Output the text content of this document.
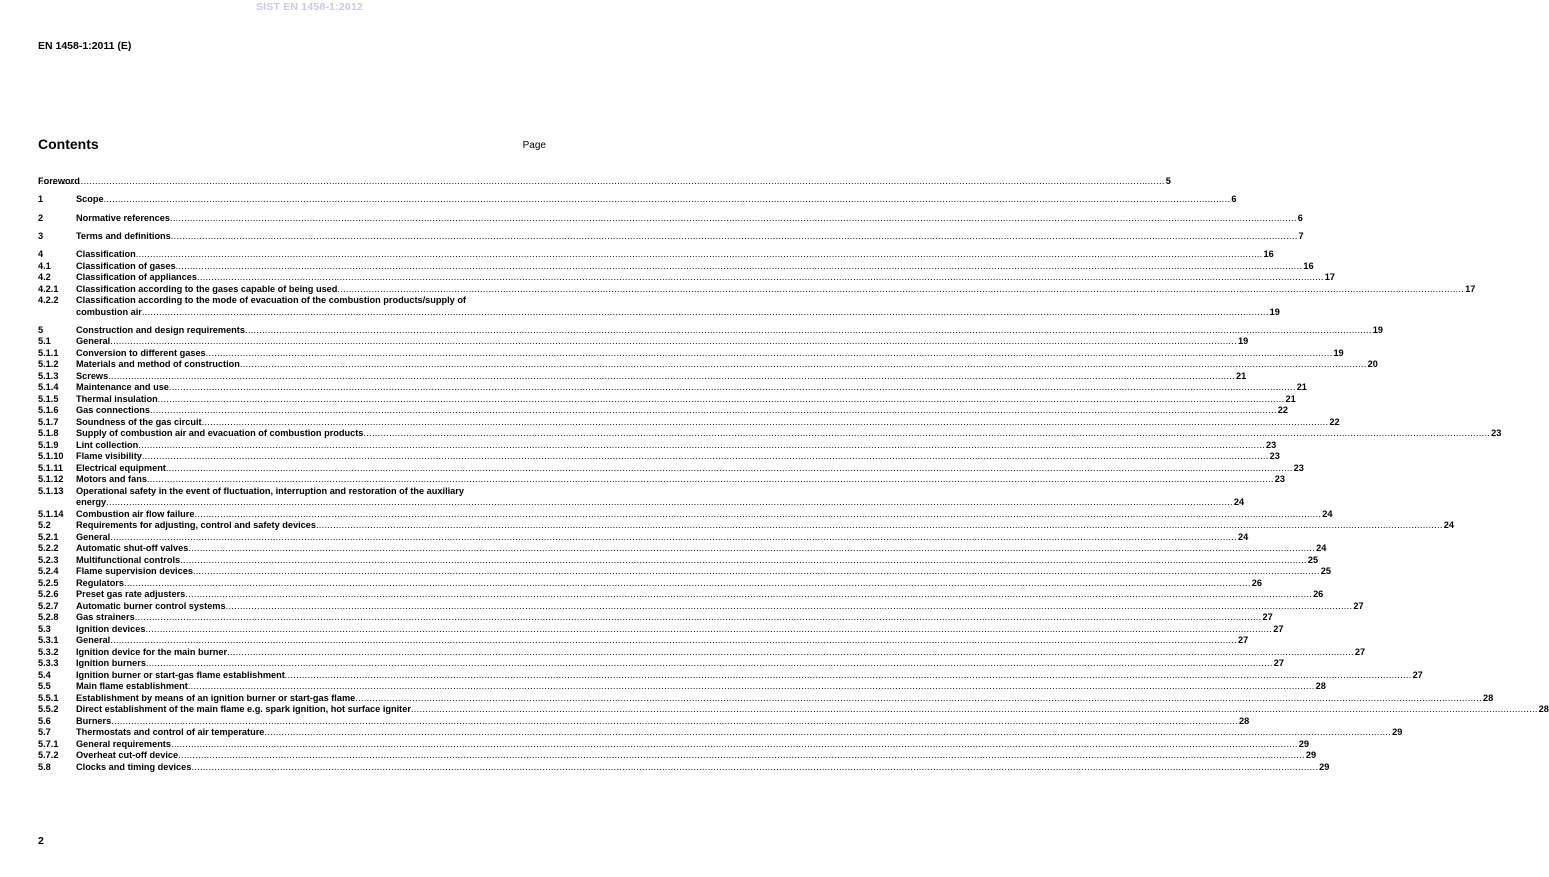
SIST EN 1458-1:2012
EN 1458-1:2011 (E)
Contents	Page
Foreword .....	5
1	Scope .....	6
2	Normative references .....	6
3	Terms and definitions .....	7
4	Classification .....	16
4.1	Classification of gases .....	16
4.2	Classification of appliances .....	17
4.2.1	Classification according to the gases capable of being used .....	17
4.2.2	Classification according to the mode of evacuation of the combustion products/supply of
combustion air .....	19
5	Construction and design requirements .....	19
5.1	General .....	19
5.1.1	Conversion to different gases .....	19
5.1.2	Materials and method of construction .....	20
5.1.3	Screws .....	21
5.1.4	Maintenance and use .....	21
5.1.5	Thermal insulation .....	21
5.1.6	Gas connections .....	22
5.1.7	Soundness of the gas circuit .....	22
5.1.8	Supply of combustion air and evacuation of combustion products .....	23
5.1.9	Lint collection .....	23
5.1.10	Flame visibility .....	23
5.1.11	Electrical equipment .....	23
5.1.12	Motors and fans .....	23
5.1.13	Operational safety in the event of fluctuation, interruption and restoration of the auxiliary
energy .....	24
5.1.14	Combustion air flow failure .....	24
5.2	Requirements for adjusting, control and safety devices .....	24
5.2.1	General .....	24
5.2.2	Automatic shut-off valves .....	24
5.2.3	Multifunctional controls .....	25
5.2.4	Flame supervision devices .....	25
5.2.5	Regulators .....	26
5.2.6	Preset gas rate adjusters .....	26
5.2.7	Automatic burner control systems .....	27
5.2.8	Gas strainers .....	27
5.3	Ignition devices .....	27
5.3.1	General .....	27
5.3.2	Ignition device for the main burner .....	27
5.3.3	Ignition burners .....	27
5.4	Ignition burner or start-gas flame establishment .....	27
5.5	Main flame establishment .....	28
5.5.1	Establishment by means of an ignition burner or start-gas flame .....	28
5.5.2	Direct establishment of the main flame e.g. spark ignition, hot surface igniter .....	28
5.6	Burners .....	28
5.7	Thermostats and control of air temperature .....	29
5.7.1	General requirements .....	29
5.7.2	Overheat cut-off device .....	29
5.8	Clocks and timing devices .....	29
2
